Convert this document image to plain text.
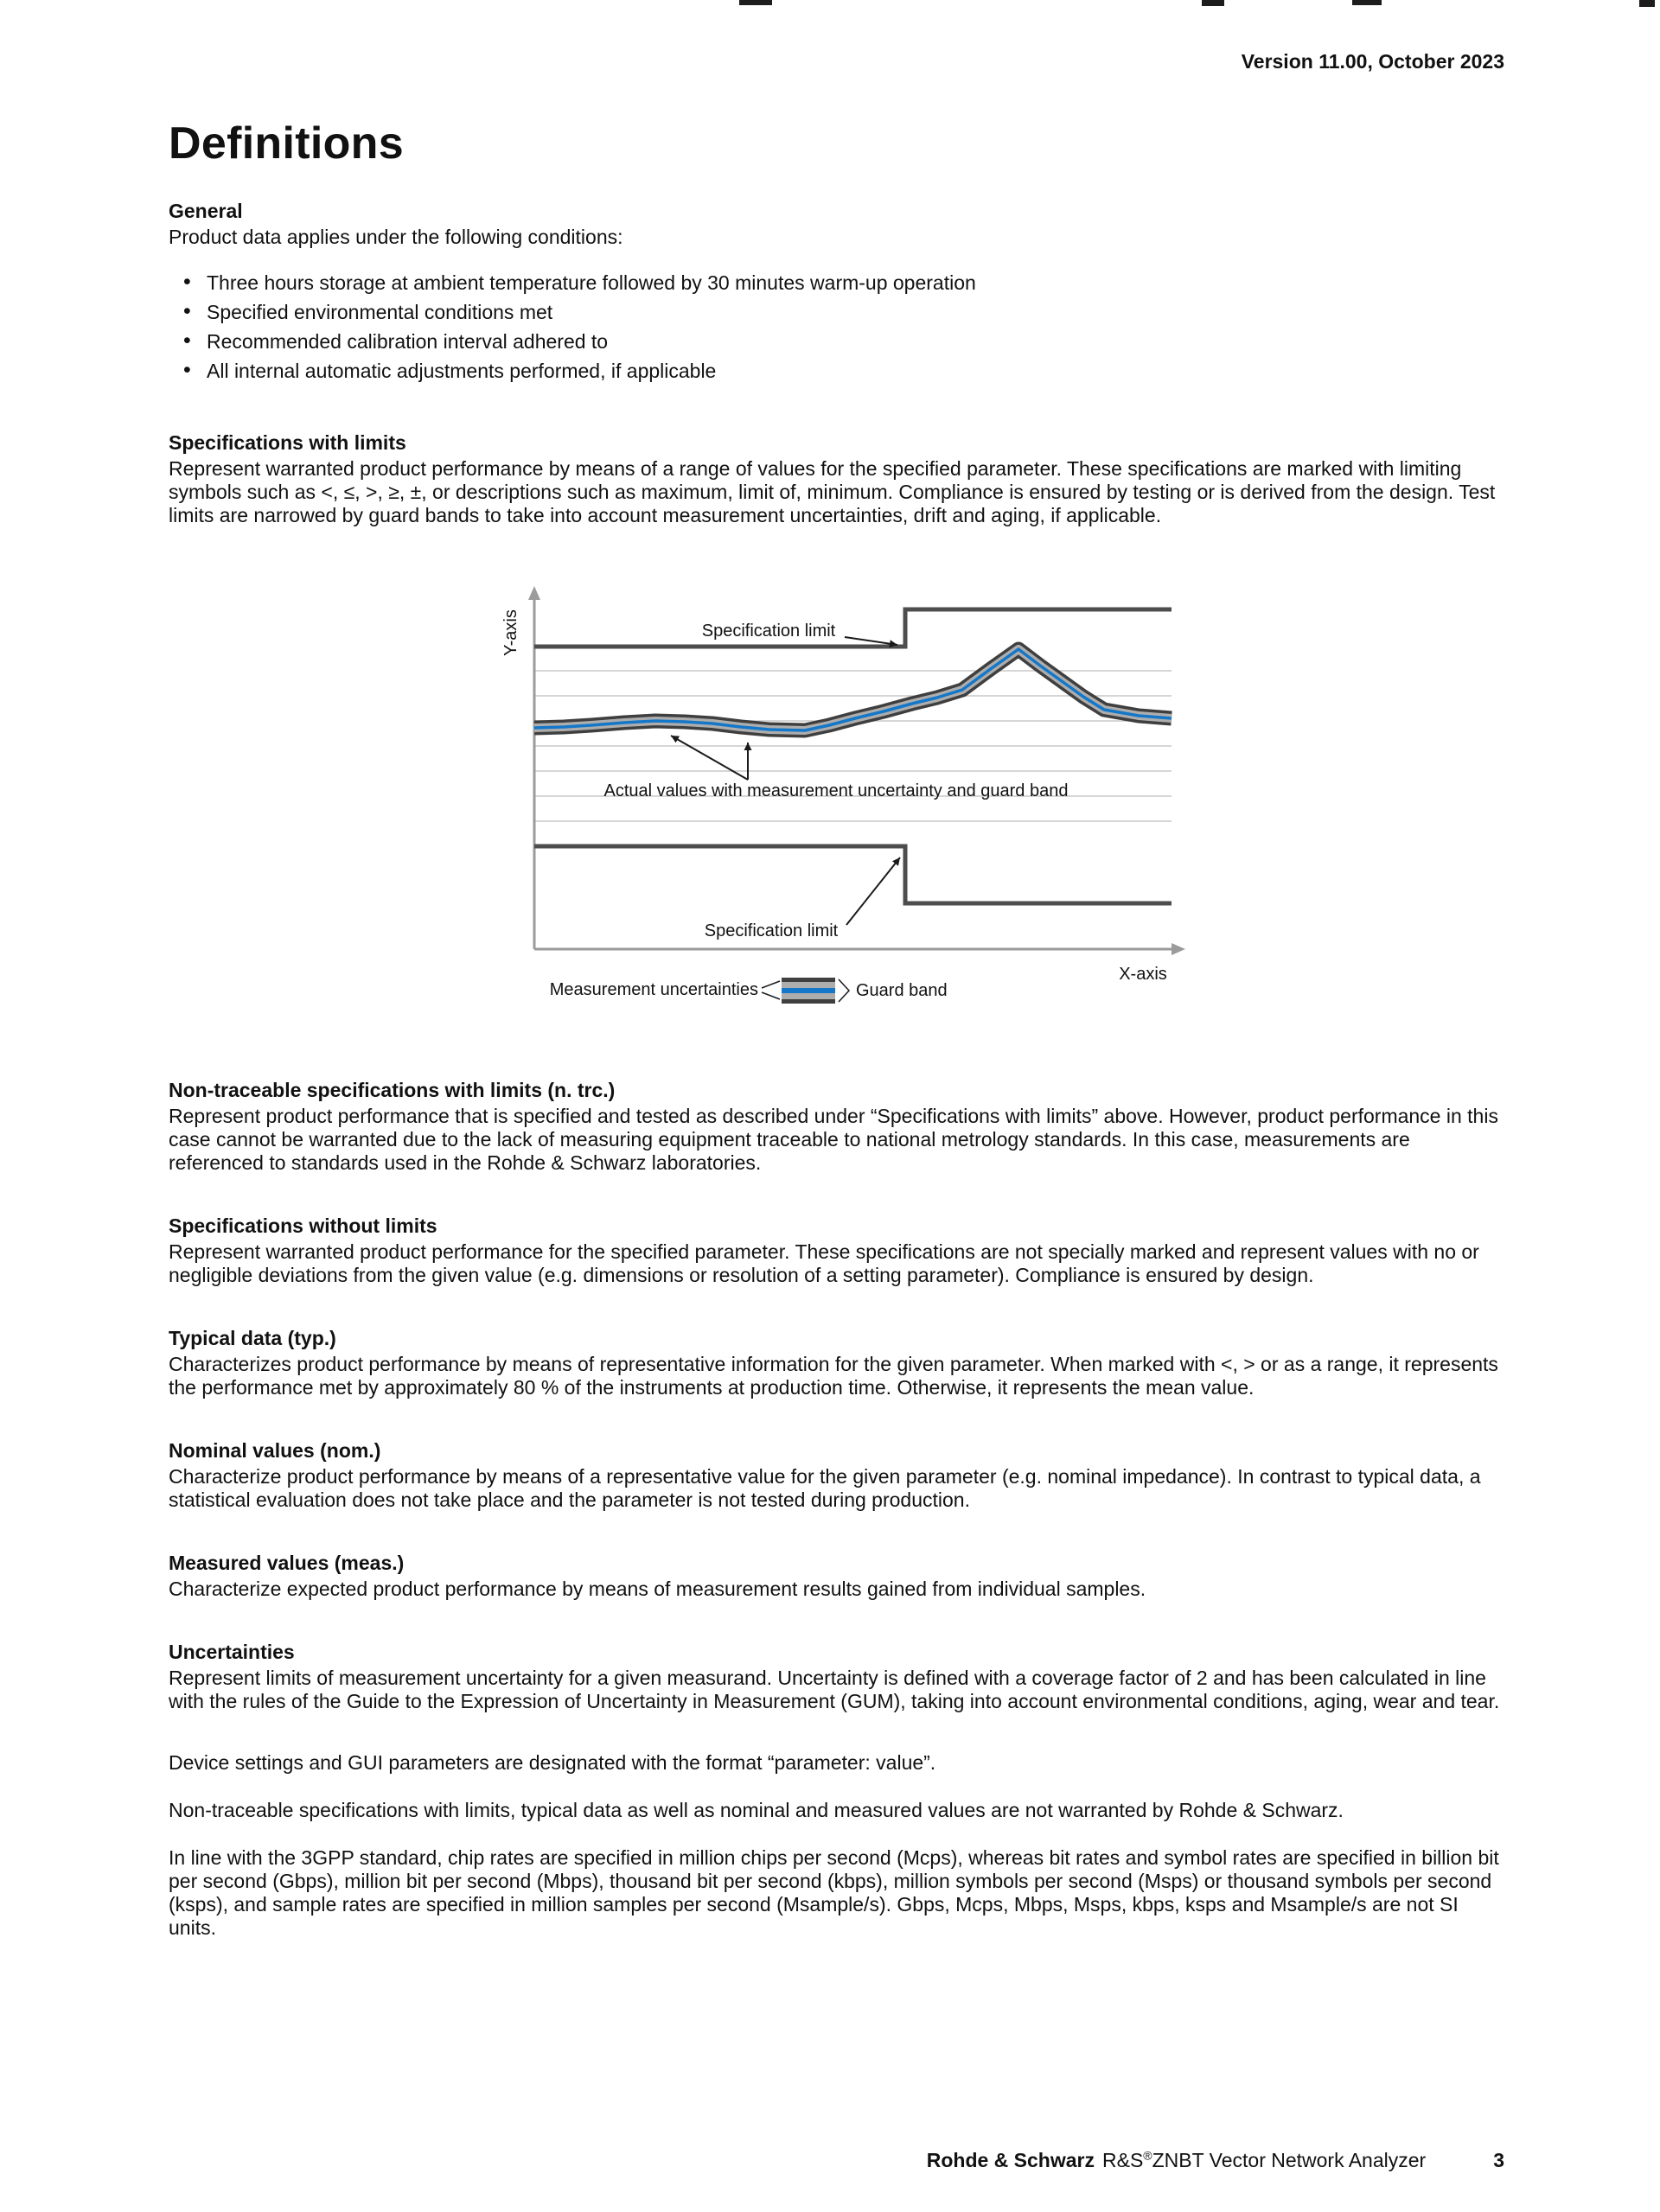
Version 11.00, October 2023
Definitions
General

Product data applies under the following conditions:

• Three hours storage at ambient temperature followed by 30 minutes warm-up operation
• Specified environmental conditions met
• Recommended calibration interval adhered to
• All internal automatic adjustments performed, if applicable
Specifications with limits

Represent warranted product performance by means of a range of values for the specified parameter. These specifications are marked with limiting symbols such as <, ≤, >, ≥, ±, or descriptions such as maximum, limit of, minimum. Compliance is ensured by testing or is derived from the design. Test limits are narrowed by guard bands to take into account measurement uncertainties, drift and aging, if applicable.

Specification limit
Actual values with measurement uncertainty and guard band
Specification limit
Y-axis
X-axis
Measurement uncertainties	Guard band
Non-traceable specifications with limits (n. trc.)

Represent product performance that is specified and tested as described under “Specifications with limits” above. However, product performance in this case cannot be warranted due to the lack of measuring equipment traceable to national metrology standards. In this case, measurements are referenced to standards used in the Rohde & Schwarz laboratories.

Specifications without limits

Represent warranted product performance for the specified parameter. These specifications are not specially marked and represent values with no or negligible deviations from the given value (e.g. dimensions or resolution of a setting parameter). Compliance is ensured by design.

Typical data (typ.)

Characterizes product performance by means of representative information for the given parameter. When marked with <, > or as a range, it represents the performance met by approximately 80 % of the instruments at production time. Otherwise, it represents the mean value.

Nominal values (nom.)

Characterize product performance by means of a representative value for the given parameter (e.g. nominal impedance). In contrast to typical data, a statistical evaluation does not take place and the parameter is not tested during production.

Measured values (meas.)

Characterize expected product performance by means of measurement results gained from individual samples.

Uncertainties

Represent limits of measurement uncertainty for a given measurand. Uncertainty is defined with a coverage factor of 2 and has been calculated in line with the rules of the Guide to the Expression of Uncertainty in Measurement (GUM), taking into account environmental conditions, aging, wear and tear.

Device settings and GUI parameters are designated with the format “parameter: value”.

Non-traceable specifications with limits, typical data as well as nominal and measured values are not warranted by Rohde & Schwarz.

In line with the 3GPP standard, chip rates are specified in million chips per second (Mcps), whereas bit rates and symbol rates are specified in billion bit per second (Gbps), million bit per second (Mbps), thousand bit per second (kbps), million symbols per second (Msps) or thousand symbols per second (ksps), and sample rates are specified in million samples per second (Msample/s). Gbps, Mcps, Mbps, Msps, kbps, ksps and Msample/s are not SI units.

Rohde & Schwarz R&S®ZNBT Vector Network Analyzer	3
